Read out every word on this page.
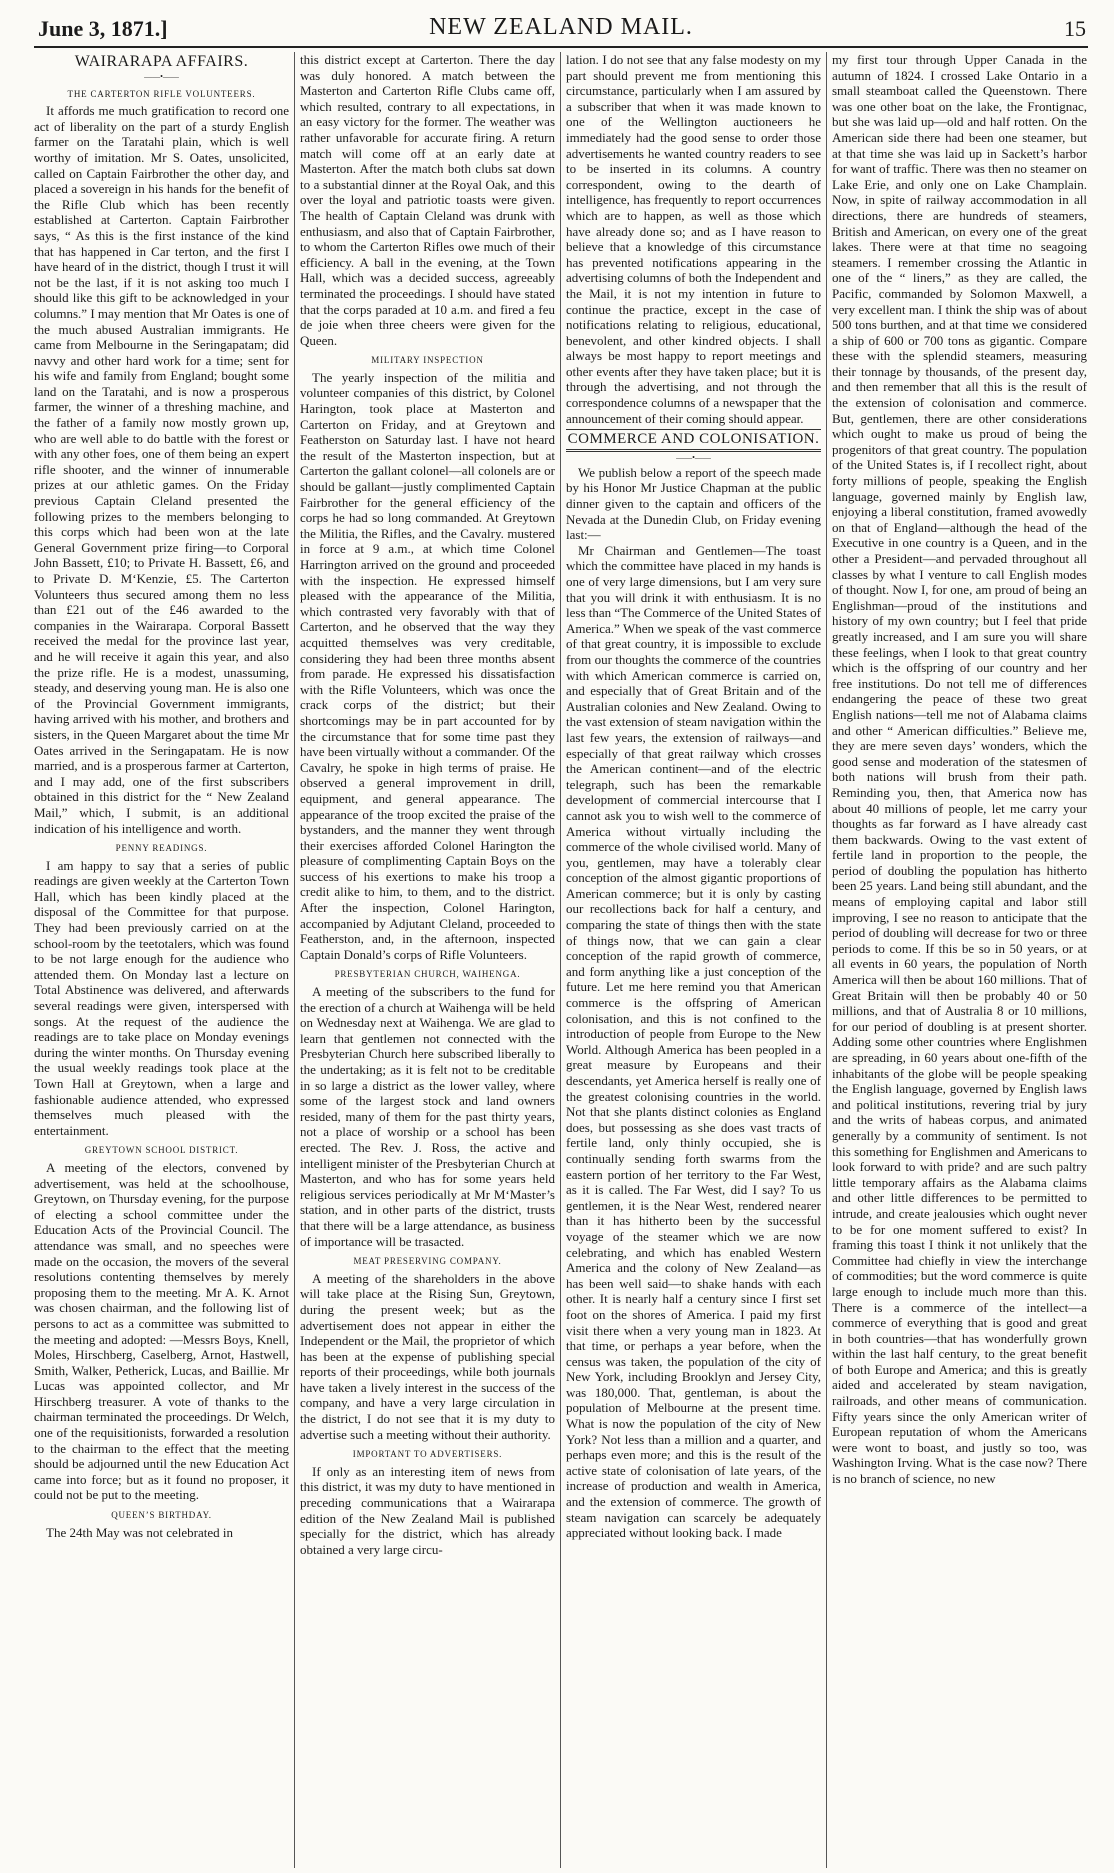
June 3, 1871.]	NEW ZEALAND MAIL.	15
WAIRARAPA AFFAIRS.
——•——
THE CARTERTON RIFLE VOLUNTEERS.

It affords me much gratification to record one act of liberality on the part of a sturdy English farmer on the Taratahi plain, which is well worthy of imitation. Mr S. Oates, unsolicited, called on Captain Fairbrother the other day, and placed a sovereign in his hands for the benefit of the Rifle Club which has been recently established at Carterton. Captain Fairbrother says, “ As this is the first instance of the kind that has happened in Car terton, and the first I have heard of in the district, though I trust it will not be the last, if it is not asking too much I should like this gift to be acknowledged in your columns.” I may mention that Mr Oates is one of the much abused Australian immigrants. He came from Melbourne in the Seringapatam; did navvy and other hard work for a time; sent for his wife and family from England; bought some land on the Taratahi, and is now a prosperous farmer, the winner of a threshing machine, and the father of a family now mostly grown up, who are well able to do battle with the forest or with any other foes, one of them being an expert rifle shooter, and the winner of innumerable prizes at our athletic games. On the Friday previous Captain Cleland presented the following prizes to the members belonging to this corps which had been won at the late General Government prize firing—to Corporal John Bassett, £10; to Private H. Bassett, £6, and to Private D. M‘Kenzie, £5. The Carterton Volunteers thus secured among them no less than £21 out of the £46 awarded to the companies in the Wairarapa. Corporal Bassett received the medal for the province last year, and he will receive it again this year, and also the prize rifle. He is a modest, unassuming, steady, and deserving young man. He is also one of the Provincial Government immigrants, having arrived with his mother, and brothers and sisters, in the Queen Margaret about the time Mr Oates arrived in the Seringapatam. He is now married, and is a prosperous farmer at Carterton, and I may add, one of the first subscribers obtained in this district for the “ New Zealand Mail,” which, I submit, is an additional indication of his intelligence and worth.

PENNY READINGS.

I am happy to say that a series of public readings are given weekly at the Carterton Town Hall, which has been kindly placed at the disposal of the Committee for that purpose. They had been previously carried on at the school-room by the teetotalers, which was found to be not large enough for the audience who attended them. On Monday last a lecture on Total Abstinence was delivered, and afterwards several readings were given, interspersed with songs. At the request of the audience the readings are to take place on Monday evenings during the winter months. On Thursday evening the usual weekly readings took place at the Town Hall at Greytown, when a large and fashionable audience attended, who expressed themselves much pleased with the entertainment.

GREYTOWN SCHOOL DISTRICT.

A meeting of the electors, convened by advertisement, was held at the schoolhouse, Greytown, on Thursday evening, for the purpose of electing a school committee under the Education Acts of the Provincial Council. The attendance was small, and no speeches were made on the occasion, the movers of the several resolutions contenting themselves by merely proposing them to the meeting. Mr A. K. Arnot was chosen chairman, and the following list of persons to act as a committee was submitted to the meeting and adopted: —Messrs Boys, Knell, Moles, Hirschberg, Caselberg, Arnot, Hastwell, Smith, Walker, Petherick, Lucas, and Baillie. Mr Lucas was appointed collector, and Mr Hirschberg treasurer. A vote of thanks to the chairman terminated the proceedings. Dr Welch, one of the requisitionists, forwarded a resolution to the chairman to the effect that the meeting should be adjourned until the new Education Act came into force; but as it found no proposer, it could not be put to the meeting.

QUEEN’S BIRTHDAY.

The 24th May was not celebrated in

this district except at Carterton. There the day was duly honored. A match between the Masterton and Carterton Rifle Clubs came off, which resulted, contrary to all expectations, in an easy victory for the former. The weather was rather unfavorable for accurate firing. A return match will come off at an early date at Masterton. After the match both clubs sat down to a substantial dinner at the Royal Oak, and this over the loyal and patriotic toasts were given. The health of Captain Cleland was drunk with enthusiasm, and also that of Captain Fairbrother, to whom the Carterton Rifles owe much of their efficiency. A ball in the evening, at the Town Hall, which was a decided success, agreeably terminated the proceedings. I should have stated that the corps paraded at 10 a.m. and fired a feu de joie when three cheers were given for the Queen.

MILITARY INSPECTION

The yearly inspection of the militia and volunteer companies of this district, by Colonel Harington, took place at Masterton and Carterton on Friday, and at Greytown and Featherston on Saturday last. I have not heard the result of the Masterton inspection, but at Carterton the gallant colonel—all colonels are or should be gallant—justly complimented Captain Fairbrother for the general efficiency of the corps he had so long commanded. At Greytown the Militia, the Rifles, and the Cavalry. mustered in force at 9 a.m., at which time Colonel Harrington arrived on the ground and proceeded with the inspection. He expressed himself pleased with the appearance of the Militia, which contrasted very favorably with that of Carterton, and he observed that the way they acquitted themselves was very creditable, considering they had been three months absent from parade. He expressed his dissatisfaction with the Rifle Volunteers, which was once the crack corps of the district; but their shortcomings may be in part accounted for by the circumstance that for some time past they have been virtually without a commander. Of the Cavalry, he spoke in high terms of praise. He observed a general improvement in drill, equipment, and general appearance. The appearance of the troop excited the praise of the bystanders, and the manner they went through their exercises afforded Colonel Harington the pleasure of complimenting Captain Boys on the success of his exertions to make his troop a credit alike to him, to them, and to the district. After the inspection, Colonel Harington, accompanied by Adjutant Cleland, proceeded to Featherston, and, in the afternoon, inspected Captain Donald’s corps of Rifle Volunteers.

PRESBYTERIAN CHURCH, WAIHENGA.

A meeting of the subscribers to the fund for the erection of a church at Waihenga will be held on Wednesday next at Waihenga. We are glad to learn that gentlemen not connected with the Presbyterian Church here subscribed liberally to the undertaking; as it is felt not to be creditable in so large a district as the lower valley, where some of the largest stock and land owners resided, many of them for the past thirty years, not a place of worship or a school has been erected. The Rev. J. Ross, the active and intelligent minister of the Presbyterian Church at Masterton, and who has for some years held religious services periodically at Mr M‘Master’s station, and in other parts of the district, trusts that there will be a large attendance, as business of importance will be trasacted.

MEAT PRESERVING COMPANY.

A meeting of the shareholders in the above will take place at the Rising Sun, Greytown, during the present week; but as the advertisement does not appear in either the Independent or the Mail, the proprietor of which has been at the expense of publishing special reports of their proceedings, while both journals have taken a lively interest in the success of the company, and have a very large circulation in the district, I do not see that it is my duty to advertise such a meeting without their authority.

IMPORTANT TO ADVERTISERS.

If only as an interesting item of news from this district, it was my duty to have mentioned in preceding communications that a Wairarapa edition of the New Zealand Mail is published specially for the district, which has already obtained a very large circu-

lation. I do not see that any false modesty on my part should prevent me from mentioning this circumstance, particularly when I am assured by a subscriber that when it was made known to one of the Wellington auctioneers he immediately had the good sense to order those advertisements he wanted country readers to see to be inserted in its columns. A country correspondent, owing to the dearth of intelligence, has frequently to report occurrences which are to happen, as well as those which have already done so; and as I have reason to believe that a knowledge of this circumstance has prevented notifications appearing in the advertising columns of both the Independent and the Mail, it is not my intention in future to continue the practice, except in the case of notifications relating to religious, educational, benevolent, and other kindred objects. I shall always be most happy to report meetings and other events after they have taken place; but it is through the advertising, and not through the correspondence columns of a newspaper that the announcement of their coming should appear.

COMMERCE AND COLONISATION.
——•——

We publish below a report of the speech made by his Honor Mr Justice Chapman at the public dinner given to the captain and officers of the Nevada at the Dunedin Club, on Friday evening last:—

Mr Chairman and Gentlemen—The toast which the committee have placed in my hands is one of very large dimensions, but I am very sure that you will drink it with enthusiasm. It is no less than “The Commerce of the United States of America.” When we speak of the vast commerce of that great country, it is impossible to exclude from our thoughts the commerce of the countries with which American commerce is carried on, and especially that of Great Britain and of the Australian colonies and New Zealand. Owing to the vast extension of steam navigation within the last few years, the extension of railways—and especially of that great railway which crosses the American continent—and of the electric telegraph, such has been the remarkable development of commercial intercourse that I cannot ask you to wish well to the commerce of America without virtually including the commerce of the whole civilised world. Many of you, gentlemen, may have a tolerably clear conception of the almost gigantic proportions of American commerce; but it is only by casting our recollections back for half a century, and comparing the state of things then with the state of things now, that we can gain a clear conception of the rapid growth of commerce, and form anything like a just conception of the future. Let me here remind you that American commerce is the offspring of American colonisation, and this is not confined to the introduction of people from Europe to the New World. Although America has been peopled in a great measure by Europeans and their descendants, yet America herself is really one of the greatest colonising countries in the world. Not that she plants distinct colonies as England does, but possessing as she does vast tracts of fertile land, only thinly occupied, she is continually sending forth swarms from the eastern portion of her territory to the Far West, as it is called. The Far West, did I say? To us gentlemen, it is the Near West, rendered nearer than it has hitherto been by the successful voyage of the steamer which we are now celebrating, and which has enabled Western America and the colony of New Zealand—as has been well said—to shake hands with each other. It is nearly half a century since I first set foot on the shores of America. I paid my first visit there when a very young man in 1823. At that time, or perhaps a year before, when the census was taken, the population of the city of New York, including Brooklyn and Jersey City, was 180,000. That, gentleman, is about the population of Melbourne at the present time. What is now the population of the city of New York? Not less than a million and a quarter, and perhaps even more; and this is the result of the active state of colonisation of late years, of the increase of production and wealth in America, and the extension of commerce. The growth of steam navigation can scarcely be adequately appreciated without looking back. I made

my first tour through Upper Canada in the autumn of 1824. I crossed Lake Ontario in a small steamboat called the Queenstown. There was one other boat on the lake, the Frontignac, but she was laid up—old and half rotten. On the American side there had been one steamer, but at that time she was laid up in Sackett’s harbor for want of traffic. There was then no steamer on Lake Erie, and only one on Lake Champlain. Now, in spite of railway accommodation in all directions, there are hundreds of steamers, British and American, on every one of the great lakes. There were at that time no seagoing steamers. I remember crossing the Atlantic in one of the “ liners,” as they are called, the Pacific, commanded by Solomon Maxwell, a very excellent man. I think the ship was of about 500 tons burthen, and at that time we considered a ship of 600 or 700 tons as gigantic. Compare these with the splendid steamers, measuring their tonnage by thousands, of the present day, and then remember that all this is the result of the extension of colonisation and commerce. But, gentlemen, there are other considerations which ought to make us proud of being the progenitors of that great country. The population of the United States is, if I recollect right, about forty millions of people, speaking the English language, governed mainly by English law, enjoying a liberal constitution, framed avowedly on that of England—although the head of the Executive in one country is a Queen, and in the other a President—and pervaded throughout all classes by what I venture to call English modes of thought. Now I, for one, am proud of being an Englishman—proud of the institutions and history of my own country; but I feel that pride greatly increased, and I am sure you will share these feelings, when I look to that great country which is the offspring of our country and her free institutions. Do not tell me of differences endangering the peace of these two great English nations—tell me not of Alabama claims and other “ American difficulties.” Believe me, they are mere seven days’ wonders, which the good sense and moderation of the statesmen of both nations will brush from their path. Reminding you, then, that America now has about 40 millions of people, let me carry your thoughts as far forward as I have already cast them backwards. Owing to the vast extent of fertile land in proportion to the people, the period of doubling the population has hitherto been 25 years. Land being still abundant, and the means of employing capital and labor still improving, I see no reason to anticipate that the period of doubling will decrease for two or three periods to come. If this be so in 50 years, or at all events in 60 years, the population of North America will then be about 160 millions. That of Great Britain will then be probably 40 or 50 millions, and that of Australia 8 or 10 millions, for our period of doubling is at present shorter. Adding some other countries where Englishmen are spreading, in 60 years about one-fifth of the inhabitants of the globe will be people speaking the English language, governed by English laws and political institutions, revering trial by jury and the writs of habeas corpus, and animated generally by a community of sentiment. Is not this something for Englishmen and Americans to look forward to with pride? and are such paltry little temporary affairs as the Alabama claims and other little differences to be permitted to intrude, and create jealousies which ought never to be for one moment suffered to exist? In framing this toast I think it not unlikely that the Committee had chiefly in view the interchange of commodities; but the word commerce is quite large enough to include much more than this. There is a commerce of the intellect—a commerce of everything that is good and great in both countries—that has wonderfully grown within the last half century, to the great benefit of both Europe and America; and this is greatly aided and accelerated by steam navigation, railroads, and other means of communication. Fifty years since the only American writer of European reputation of whom the Americans were wont to boast, and justly so too, was Washington Irving. What is the case now? There is no branch of science, no new
